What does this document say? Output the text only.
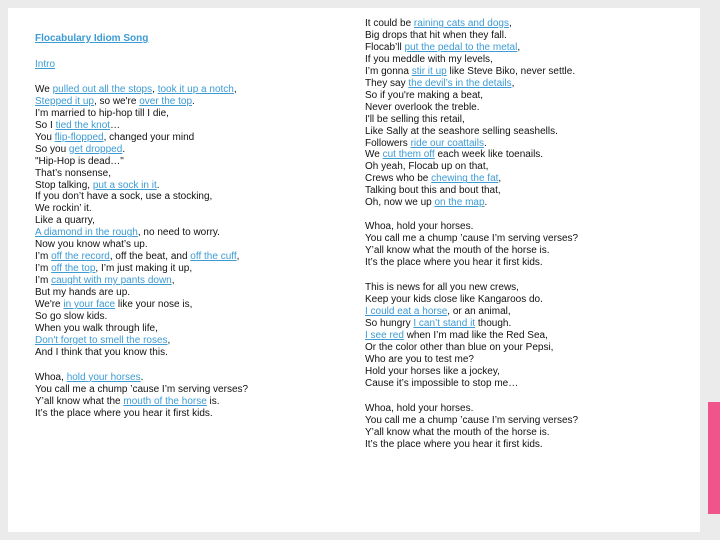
Flocabulary Idiom Song
Intro
We pulled out all the stops, took it up a notch,
Stepped it up, so we're over the top.
I’m married to hip-hop till I die,
So I tied the knot…
You flip-flopped, changed your mind
So you get dropped.
"Hip-Hop is dead…"
That’s nonsense,
Stop talking, put a sock in it.
If you don’t have a sock, use a stocking,
We rockin’ it.
Like a quarry,
A diamond in the rough, no need to worry.
Now you know what’s up.
I’m off the record, off the beat, and off the cuff,
I’m off the top, I’m just making it up,
I’m caught with my pants down,
But my hands are up.
We're in your face like your nose is,
So go slow kids.
When you walk through life,
Don't forget to smell the roses,
And I think that you know this.
Whoa, hold your horses.
You call me a chump ’cause I’m serving verses?
Y’all know what the mouth of the horse is.
It’s the place where you hear it first kids.
It could be raining cats and dogs,
Big drops that hit when they fall.
Flocab’ll put the pedal to the metal,
If you meddle with my levels,
I’m gonna stir it up like Steve Biko, never settle.
They say the devil’s in the details,
So if you're making a beat,
Never overlook the treble.
I'll be selling this retail,
Like Sally at the seashore selling seashells.
Followers ride our coattails.
We cut them off each week like toenails.
Oh yeah, Flocab up on that,
Crews who be chewing the fat,
Talking bout this and bout that,
Oh, now we up on the map.
Whoa, hold your horses.
You call me a chump ’cause I’m serving verses?
Y’all know what the mouth of the horse is.
It’s the place where you hear it first kids.
This is news for all you new crews,
Keep your kids close like Kangaroos do.
I could eat a horse, or an animal,
So hungry I can’t stand it though.
I see red when I’m mad like the Red Sea,
Or the color other than blue on your Pepsi,
Who are you to test me?
Hold your horses like a jockey,
Cause it’s impossible to stop me…
Whoa, hold your horses.
You call me a chump ’cause I’m serving verses?
Y’all know what the mouth of the horse is.
It’s the place where you hear it first kids.
